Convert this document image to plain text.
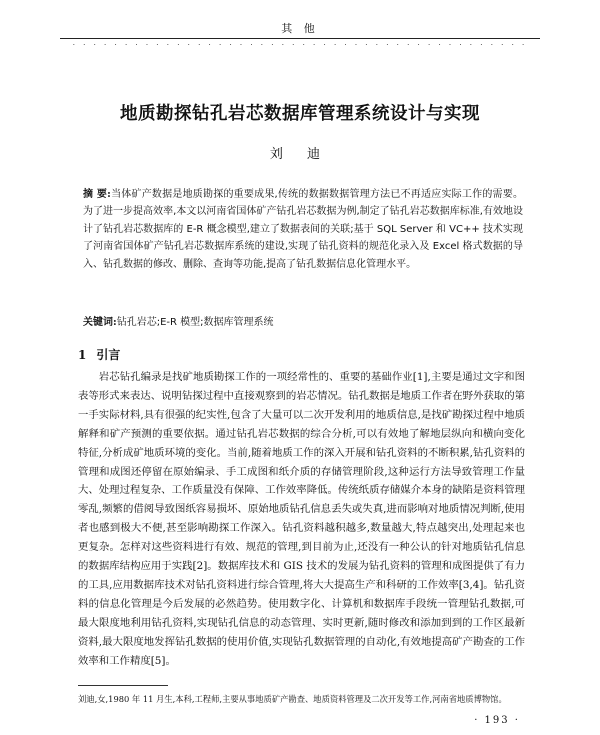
其 他
· · · · · · · · · · · · · · · · · · · · · · · · · · · · · · · · · · · · · · · · · · · ·
地质勘探钻孔岩芯数据库管理系统设计与实现
刘 迪
摘 要:当体矿产数据是地质勘探的重要成果,传统的数据数据管理方法已不再适应实际工作的需要。为了进一步提高效率,本文以河南省国体矿产钻孔岩芯数据为例,制定了钻孔岩芯数据库标准,有效地设计了钻孔岩芯数据库的 E-R 概念模型,建立了数据表间的关联;基于 SQL Server 和 VC++ 技术实现了河南省国体矿产钻孔岩芯数据库系统的建设,实现了钻孔资料的规范化录入及 Excel 格式数据的导入、钻孔数据的修改、删除、查询等功能,提高了钻孔数据信息化管理水平。
关键词:钻孔岩芯;E-R 模型;数据库管理系统
1 引言

岩芯钻孔编录是找矿地质勘探工作的一项经常性的、重要的基础作业[1],主要是通过文字和图表等形式来表达、说明钻探过程中直接观察到的岩芯情况。钻孔数据是地质工作者在野外获取的第一手实际材料,具有很强的纪实性,包含了大量可以二次开发利用的地质信息,是找矿勘探过程中地质解释和矿产预测的重要依据。通过钻孔岩芯数据的综合分析,可以有效地了解地层纵向和横向变化特征,分析成矿地质环境的变化。当前,随着地质工作的深入开展和钻孔资料的不断积累,钻孔资料的管理和成图还停留在原始编录、手工成图和纸介质的存储管理阶段,这种运行方法导致管理工作量大、处理过程复杂、工作质量没有保障、工作效率降低。传统纸质存储媒介本身的缺陷是资料管理零乱,频繁的借阅导致图纸容易损坏、原始地质钻孔信息丢失或失真,进而影响对地质情况判断,使用者也感到极大不便,甚至影响勘探工作深入。钻孔资料越积越多,数量越大,特点越突出,处理起来也更复杂。怎样对这些资料进行有效、规范的管理,到目前为止,还没有一种公认的针对地质钻孔信息的数据库结构应用于实践[2]。数据库技术和 GIS 技术的发展为钻孔资料的管理和成图提供了有力的工具,应用数据库技术对钻孔资料进行综合管理,将大大提高生产和科研的工作效率[3,4]。钻孔资料的信息化管理是今后发展的必然趋势。使用数字化、计算机和数据库手段统一管理钻孔数据,可最大限度地利用钻孔资料,实现钻孔信息的动态管理、实时更新,随时修改和添加到到的工作区最新资料,最大限度地发挥钻孔数据的使用价值,实现钻孔数据管理的自动化,有效地提高矿产勘查的工作效率和工作精度[5]。

刘迪,女,1980 年 11 月生,本科,工程师,主要从事地质矿产勘查、地质资料管理及二次开发等工作,河南省地质博物馆。
· 193 ·
